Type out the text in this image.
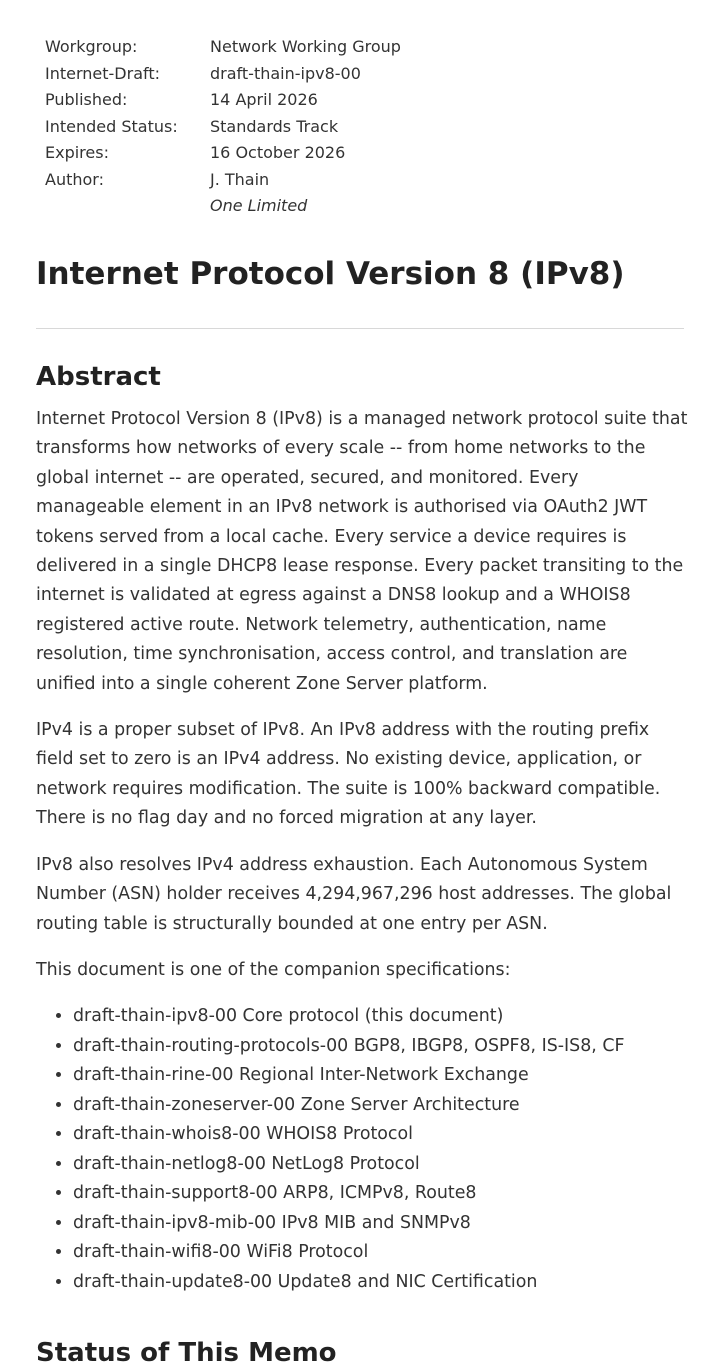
Workgroup:	Network Working Group
Internet-Draft:	draft-thain-ipv8-00
Published:	14 April 2026
Intended Status:	Standards Track
Expires:	16 October 2026
Author:	J. Thain
One Limited
Internet Protocol Version 8 (IPv8)
Abstract

Internet Protocol Version 8 (IPv8) is a managed network protocol suite that transforms how networks of every scale -- from home networks to the global internet -- are operated, secured, and monitored. Every manageable element in an IPv8 network is authorised via OAuth2 JWT tokens served from a local cache. Every service a device requires is delivered in a single DHCP8 lease response. Every packet transiting to the internet is validated at egress against a DNS8 lookup and a WHOIS8 registered active route. Network telemetry, authentication, name resolution, time synchronisation, access control, and translation are unified into a single coherent Zone Server platform.

IPv4 is a proper subset of IPv8. An IPv8 address with the routing prefix field set to zero is an IPv4 address. No existing device, application, or network requires modification. The suite is 100% backward compatible. There is no flag day and no forced migration at any layer.

IPv8 also resolves IPv4 address exhaustion. Each Autonomous System Number (ASN) holder receives 4,294,967,296 host addresses. The global routing table is structurally bounded at one entry per ASN.

This document is one of the companion specifications:

• draft-thain-ipv8-00 Core protocol (this document)
• draft-thain-routing-protocols-00 BGP8, IBGP8, OSPF8, IS-IS8, CF
• draft-thain-rine-00 Regional Inter-Network Exchange
• draft-thain-zoneserver-00 Zone Server Architecture
• draft-thain-whois8-00 WHOIS8 Protocol
• draft-thain-netlog8-00 NetLog8 Protocol
• draft-thain-support8-00 ARP8, ICMPv8, Route8
• draft-thain-ipv8-mib-00 IPv8 MIB and SNMPv8
• draft-thain-wifi8-00 WiFi8 Protocol
• draft-thain-update8-00 Update8 and NIC Certification
Status of This Memo
